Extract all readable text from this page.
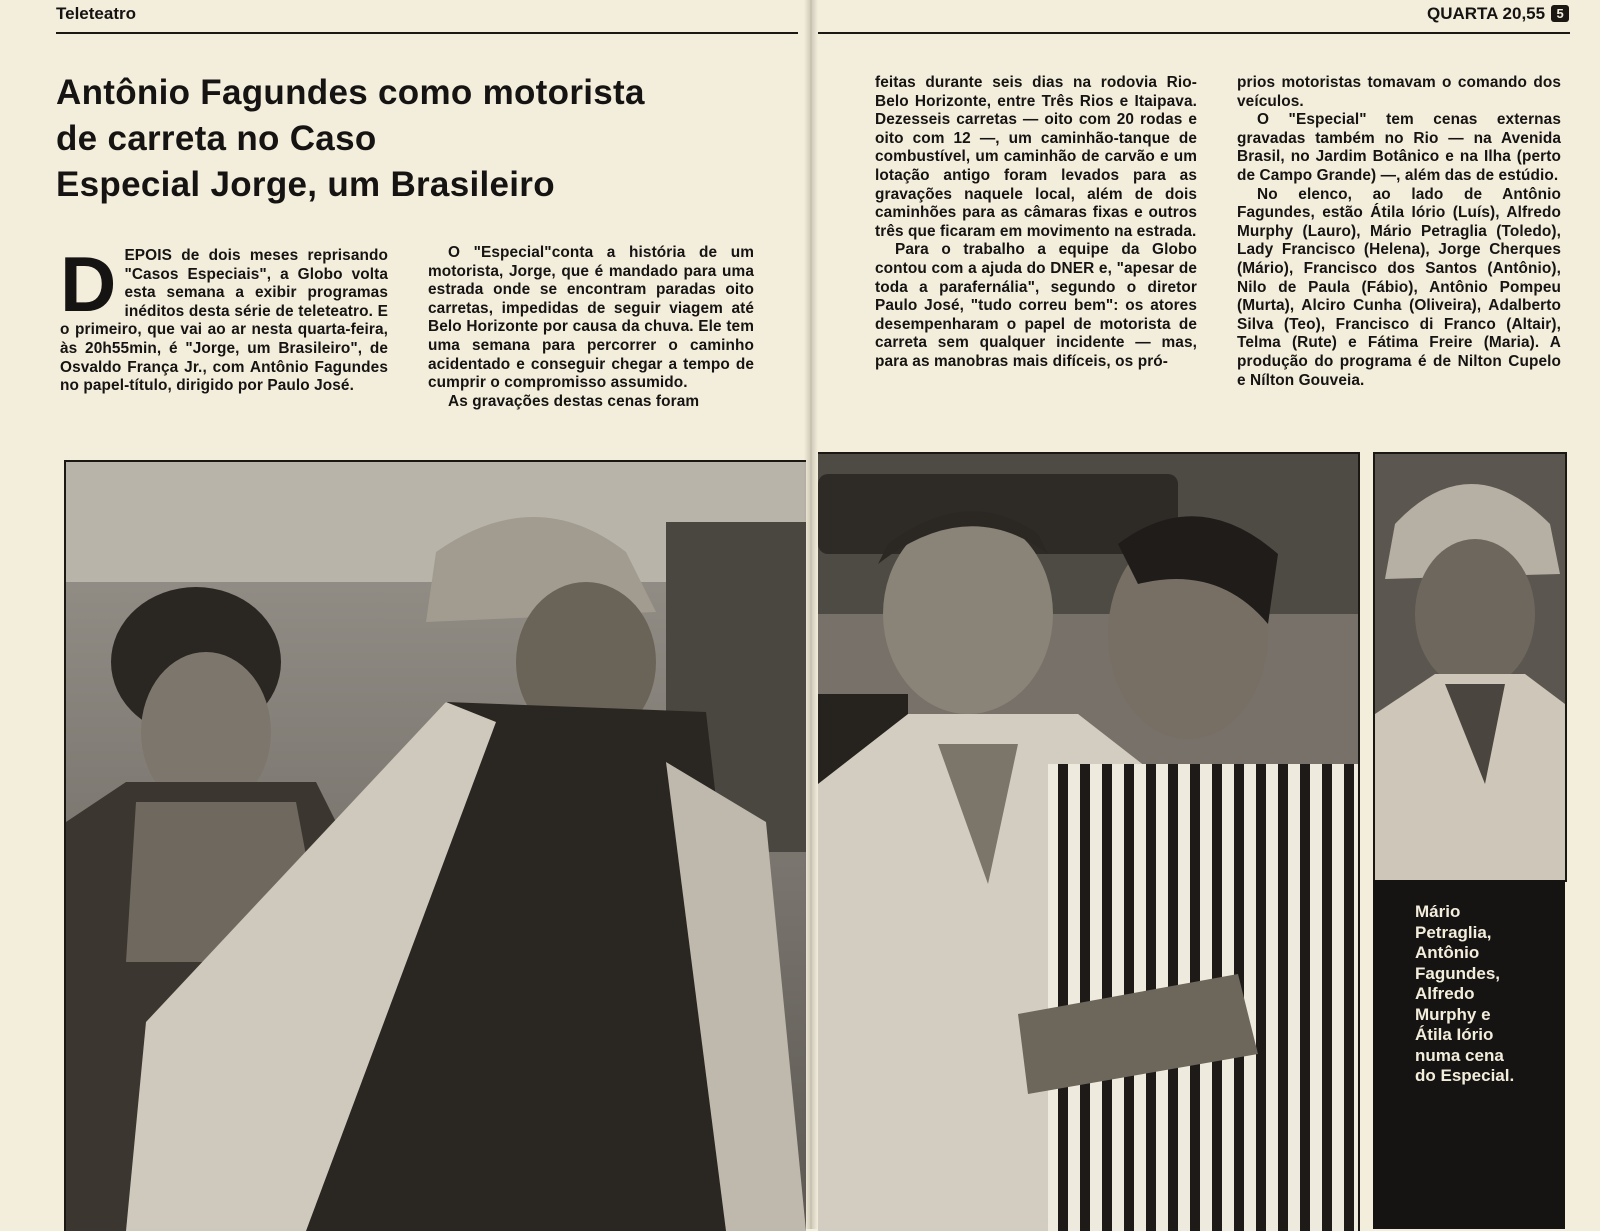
Teleteatro	QUARTA 20,55 5
Antônio Fagundes como motorista
de carreta no Caso
Especial Jorge, um Brasileiro
D EPOIS de dois meses reprisando "Casos Especiais", a Globo volta esta semana a exibir programas inéditos desta série de teleteatro. E o primeiro, que vai ao ar nesta quarta-feira, às 20h55min, é "Jorge, um Brasileiro", de Osvaldo França Jr., com Antônio Fagundes no papel-título, dirigido por Paulo José.

O "Especial"conta a história de um motorista, Jorge, que é mandado para uma estrada onde se encontram paradas oito carretas, impedidas de seguir viagem até Belo Horizonte por causa da chuva. Ele tem uma semana para percorrer o caminho acidentado e conseguir chegar a tempo de cumprir o compromisso assumido.

As gravações destas cenas foram

feitas durante seis dias na rodovia Rio-Belo Horizonte, entre Três Rios e Itaipava. Dezesseis carretas — oito com 20 rodas e oito com 12 —, um caminhão-tanque de combustível, um caminhão de carvão e um lotação antigo foram levados para as gravações naquele local, além de dois caminhões para as câmaras fixas e outros três que ficaram em movimento na estrada.

Para o trabalho a equipe da Globo contou com a ajuda do DNER e, "apesar de toda a parafernália", segundo o diretor Paulo José, "tudo correu bem": os atores desempenharam o papel de motorista de carreta sem qualquer incidente — mas, para as manobras mais difíceis, os pró-

prios motoristas tomavam o comando dos veículos.

O "Especial" tem cenas externas gravadas também no Rio — na Avenida Brasil, no Jardim Botânico e na Ilha (perto de Campo Grande) —, além das de estúdio.

No elenco, ao lado de Antônio Fagundes, estão Átila Iório (Luís), Alfredo Murphy (Lauro), Mário Petraglia (Toledo), Lady Francisco (Helena), Jorge Cherques (Mário), Francisco dos Santos (Antônio), Nilo de Paula (Fábio), Antônio Pompeu (Murta), Alciro Cunha (Oliveira), Adalberto Silva (Teo), Francisco di Franco (Altair), Telma (Rute) e Fátima Freire (Maria). A produção do programa é de Nilton Cupelo e Nílton Gouveia.

Mário
Petraglia,
Antônio
Fagundes,
Alfredo
Murphy e
Átila Iório
numa cena
do Especial.
